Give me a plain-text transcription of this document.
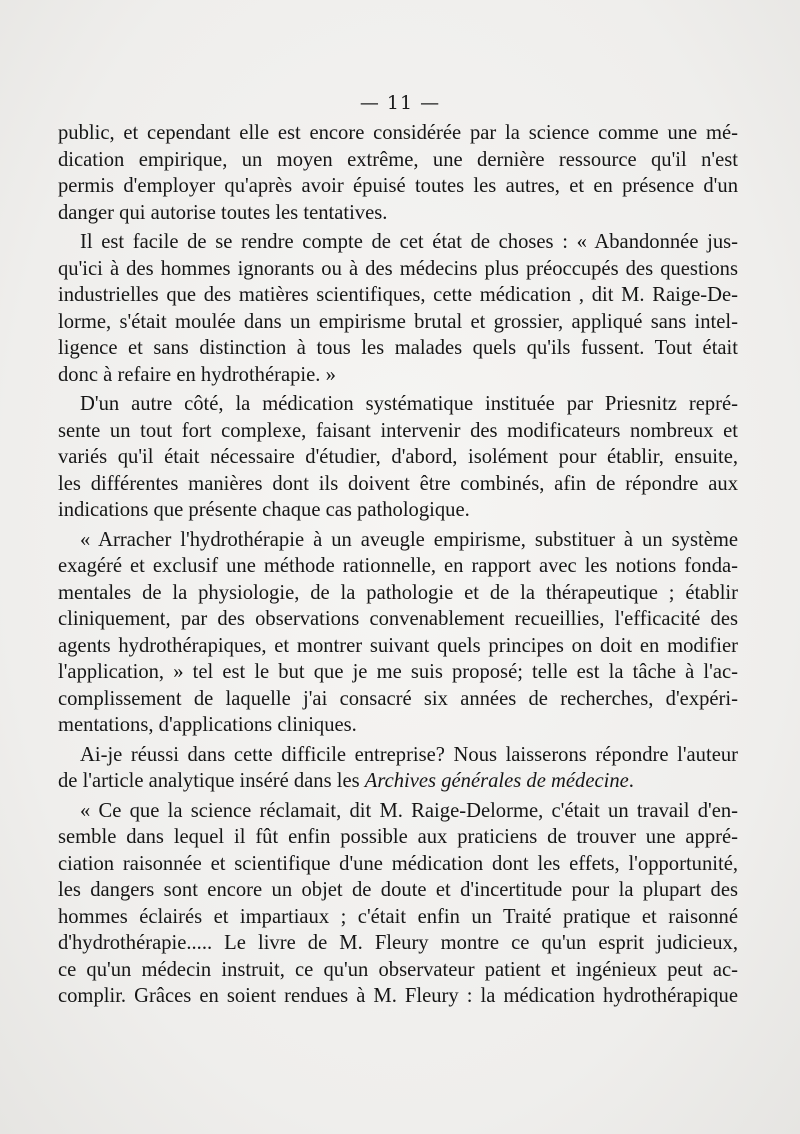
— 11 —
public, et cependant elle est encore considérée par la science comme une mé-
dication empirique, un moyen extrême, une dernière ressource qu'il n'est
permis d'employer qu'après avoir épuisé toutes les autres, et en présence d'un
danger qui autorise toutes les tentatives.
Il est facile de se rendre compte de cet état de choses : « Abandonnée jus-
qu'ici à des hommes ignorants ou à des médecins plus préoccupés des questions
industrielles que des matières scientifiques, cette médication , dit M. Raige-De-
lorme, s'était moulée dans un empirisme brutal et grossier, appliqué sans intel-
ligence et sans distinction à tous les malades quels qu'ils fussent. Tout était
donc à refaire en hydrothérapie. »
D'un autre côté, la médication systématique instituée par Priesnitz repré-
sente un tout fort complexe, faisant intervenir des modificateurs nombreux et
variés qu'il était nécessaire d'étudier, d'abord, isolément pour établir, ensuite,
les différentes manières dont ils doivent être combinés, afin de répondre aux
indications que présente chaque cas pathologique.
« Arracher l'hydrothérapie à un aveugle empirisme, substituer à un système
exagéré et exclusif une méthode rationnelle, en rapport avec les notions fonda-
mentales de la physiologie, de la pathologie et de la thérapeutique ; établir
cliniquement, par des observations convenablement recueillies, l'efficacité des
agents hydrothérapiques, et montrer suivant quels principes on doit en modifier
l'application, » tel est le but que je me suis proposé; telle est la tâche à l'ac-
complissement de laquelle j'ai consacré six années de recherches, d'expéri-
mentations, d'applications cliniques.
Ai-je réussi dans cette difficile entreprise? Nous laisserons répondre l'auteur
de l'article analytique inséré dans les Archives générales de médecine.
« Ce que la science réclamait, dit M. Raige-Delorme, c'était un travail d'en-
semble dans lequel il fût enfin possible aux praticiens de trouver une appré-
ciation raisonnée et scientifique d'une médication dont les effets, l'opportunité,
les dangers sont encore un objet de doute et d'incertitude pour la plupart des
hommes éclairés et impartiaux ; c'était enfin un Traité pratique et raisonné
d'hydrothérapie..... Le livre de M. Fleury montre ce qu'un esprit judicieux,
ce qu'un médecin instruit, ce qu'un observateur patient et ingénieux peut ac-
complir. Grâces en soient rendues à M. Fleury : la médication hydrothérapique
